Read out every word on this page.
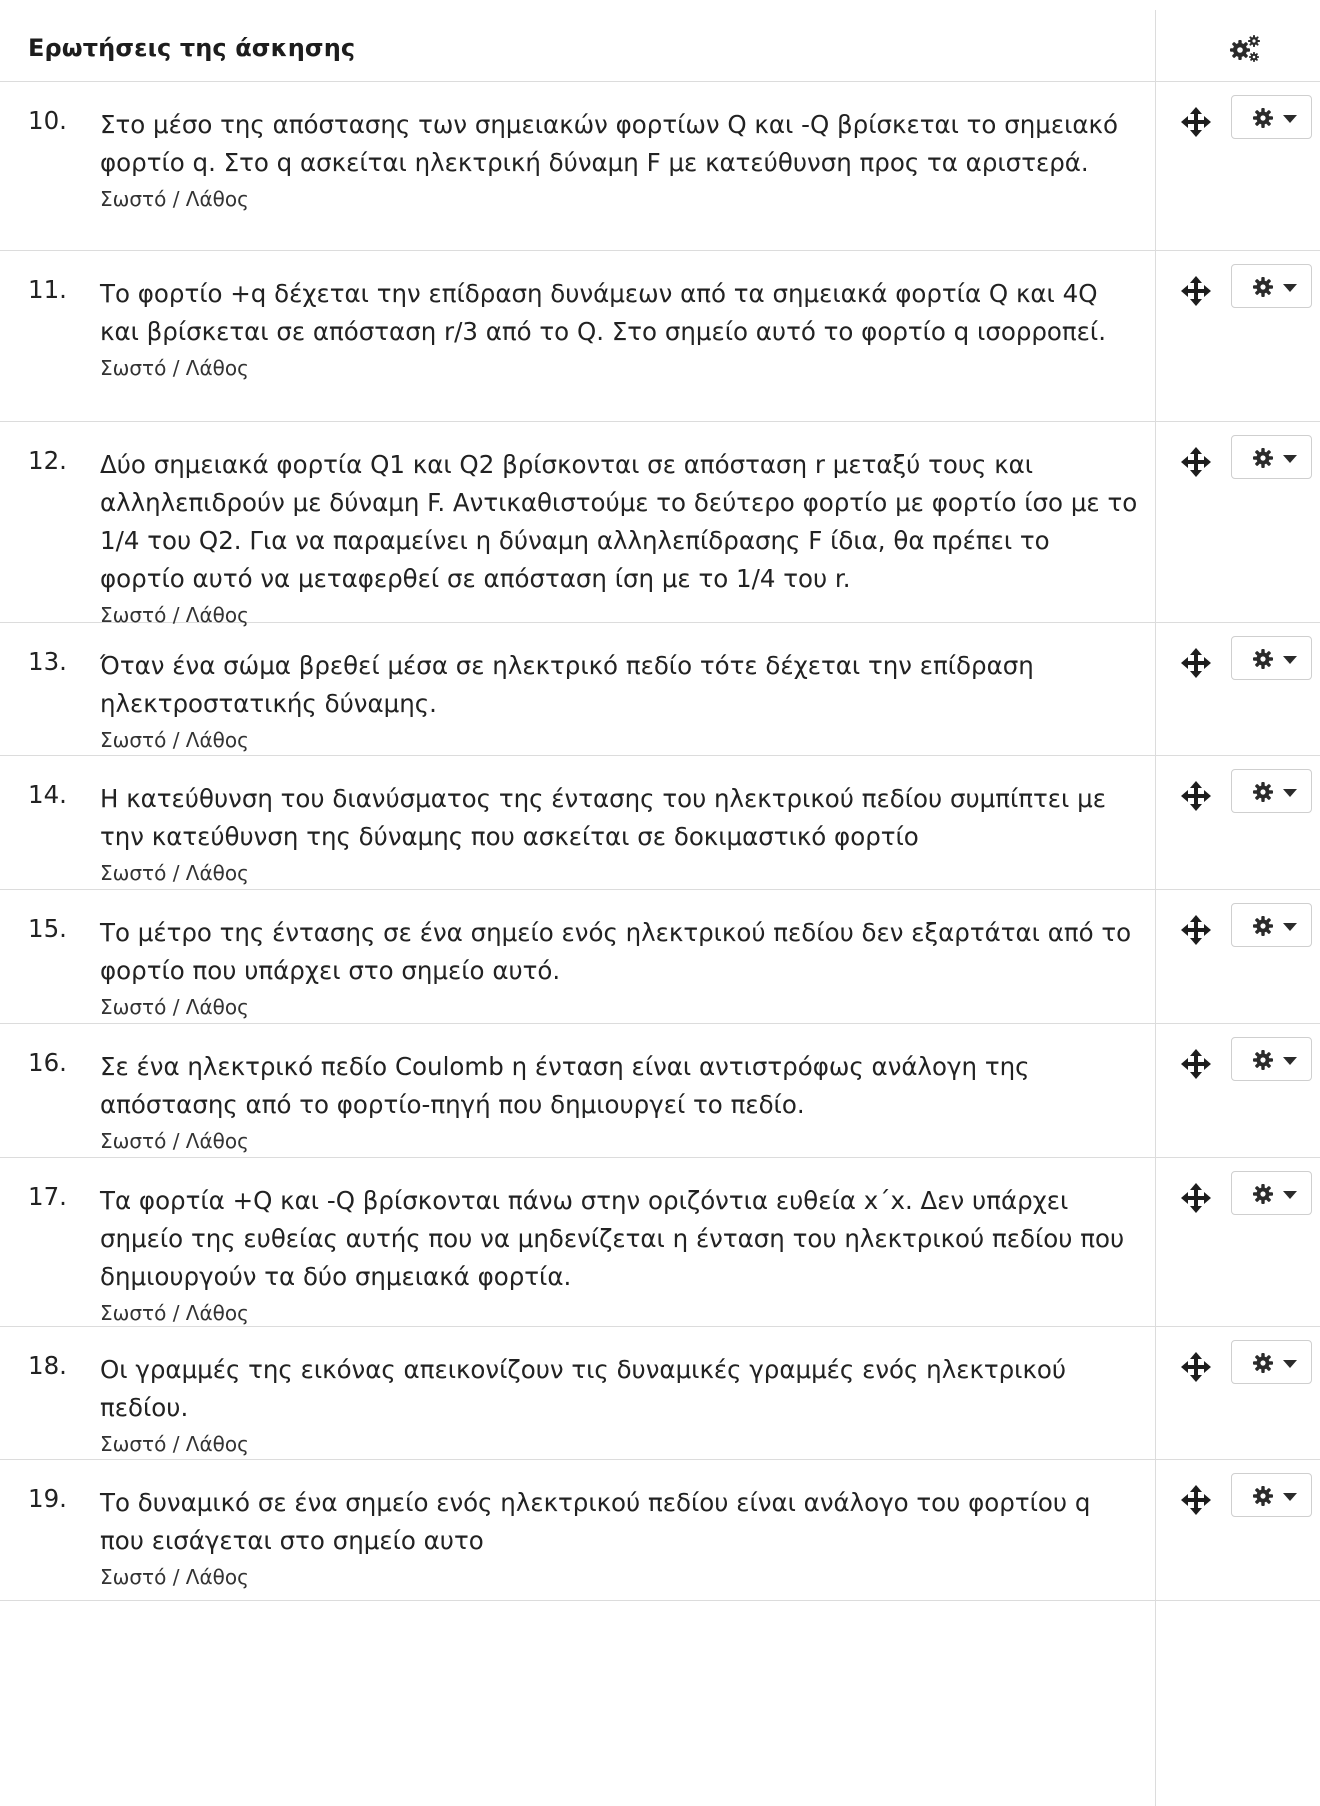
Ερωτήσεις της άσκησης
10. Στο μέσο της απόστασης των σημειακών φορτίων Q και -Q βρίσκεται το σημειακό φορτίο q. Στο q ασκείται ηλεκτρική δύναμη F με κατεύθυνση προς τα αριστερά.
Σωστό / Λάθος
11. Το φορτίο +q δέχεται την επίδραση δυνάμεων από τα σημειακά φορτία Q και 4Q και βρίσκεται σε απόσταση r/3 από το Q. Στο σημείο αυτό το φορτίο q ισορροπεί.
Σωστό / Λάθος
12. Δύο σημειακά φορτία Q1 και Q2 βρίσκονται σε απόσταση r μεταξύ τους και αλληλεπιδρούν με δύναμη F. Αντικαθιστούμε το δεύτερο φορτίο με φορτίο ίσο με το 1/4 του Q2. Για να παραμείνει η δύναμη αλληλεπίδρασης F ίδια, θα πρέπει το φορτίο αυτό να μεταφερθεί σε απόσταση ίση με το 1/4 του r.
Σωστό / Λάθος
13. Όταν ένα σώμα βρεθεί μέσα σε ηλεκτρικό πεδίο τότε δέχεται την επίδραση ηλεκτροστατικής δύναμης.
Σωστό / Λάθος
14. Η κατεύθυνση του διανύσματος της έντασης του ηλεκτρικού πεδίου συμπίπτει με την κατεύθυνση της δύναμης που ασκείται σε δοκιμαστικό φορτίο
Σωστό / Λάθος
15. Το μέτρο της έντασης σε ένα σημείο ενός ηλεκτρικού πεδίου δεν εξαρτάται από το φορτίο που υπάρχει στο σημείο αυτό.
Σωστό / Λάθος
16. Σε ένα ηλεκτρικό πεδίο Coulomb η ένταση είναι αντιστρόφως ανάλογη της απόστασης από το φορτίο-πηγή που δημιουργεί το πεδίο.
Σωστό / Λάθος
17. Τα φορτία +Q και -Q βρίσκονται πάνω στην οριζόντια ευθεία x΄x. Δεν υπάρχει σημείο της ευθείας αυτής που να μηδενίζεται η ένταση του ηλεκτρικού πεδίου που δημιουργούν τα δύο σημειακά φορτία.
Σωστό / Λάθος
18. Οι γραμμές της εικόνας απεικονίζουν τις δυναμικές γραμμές ενός ηλεκτρικού πεδίου.
Σωστό / Λάθος
19. Το δυναμικό σε ένα σημείο ενός ηλεκτρικού πεδίου είναι ανάλογο του φορτίου q που εισάγεται στο σημείο αυτο
Σωστό / Λάθος
